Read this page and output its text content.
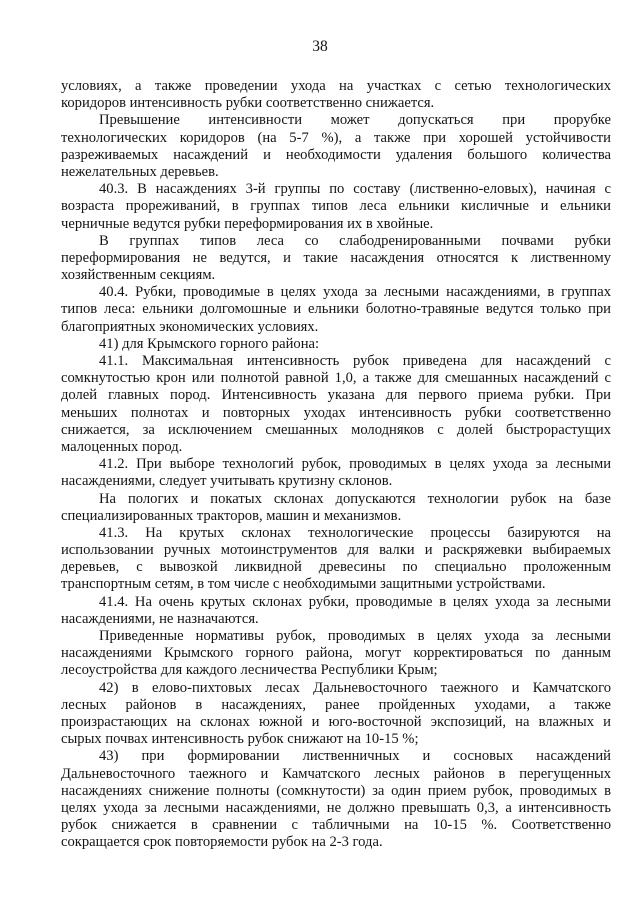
38
условиях, а также проведении ухода на участках с сетью технологических
коридоров интенсивность рубки соответственно снижается.
Превышение интенсивности может допускаться при прорубке
технологических коридоров (на 5-7 %), а также при хорошей устойчивости
разреживаемых насаждений и необходимости удаления большого количества
нежелательных деревьев.
40.3. В насаждениях 3-й группы по составу (лиственно-еловых), начиная с
возраста прореживаний, в группах типов леса ельники кисличные и ельники
черничные ведутся рубки переформирования их в хвойные.
В группах типов леса со слабодренированными почвами рубки
переформирования не ведутся, и такие насаждения относятся к лиственному
хозяйственным секциям.
40.4. Рубки, проводимые в целях ухода за лесными насаждениями, в группах
типов леса: ельники долгомошные и ельники болотно-травяные ведутся только при
благоприятных экономических условиях.
41) для Крымского горного района:
41.1. Максимальная интенсивность рубок приведена для насаждений с
сомкнутостью крон или полнотой равной 1,0, а также для смешанных насаждений с
долей главных пород. Интенсивность указана для первого приема рубки. При
меньших полнотах и повторных уходах интенсивность рубки соответственно
снижается, за исключением смешанных молодняков с долей быстрорастущих
малоценных пород.
41.2. При выборе технологий рубок, проводимых в целях ухода за лесными
насаждениями, следует учитывать крутизну склонов.
На пологих и покатых склонах допускаются технологии рубок на базе
специализированных тракторов, машин и механизмов.
41.3. На крутых склонах технологические процессы базируются на
использовании ручных мотоинструментов для валки и раскряжевки выбираемых
деревьев, с вывозкой ликвидной древесины по специально проложенным
транспортным сетям, в том числе с необходимыми защитными устройствами.
41.4. На очень крутых склонах рубки, проводимые в целях ухода за лесными
насаждениями, не назначаются.
Приведенные нормативы рубок, проводимых в целях ухода за лесными
насаждениями Крымского горного района, могут корректироваться по данным
лесоустройства для каждого лесничества Республики Крым;
42) в елово-пихтовых лесах Дальневосточного таежного и Камчатского
лесных районов в насаждениях, ранее пройденных уходами, а также
произрастающих на склонах южной и юго-восточной экспозиций, на влажных и
сырых почвах интенсивность рубок снижают на 10-15 %;
43) при формировании лиственничных и сосновых насаждений
Дальневосточного таежного и Камчатского лесных районов в перегущенных
насаждениях снижение полноты (сомкнутости) за один прием рубок, проводимых в
целях ухода за лесными насаждениями, не должно превышать 0,3, а интенсивность
рубок снижается в сравнении с табличными на 10-15 %. Соответственно
сокращается срок повторяемости рубок на 2-3 года.
